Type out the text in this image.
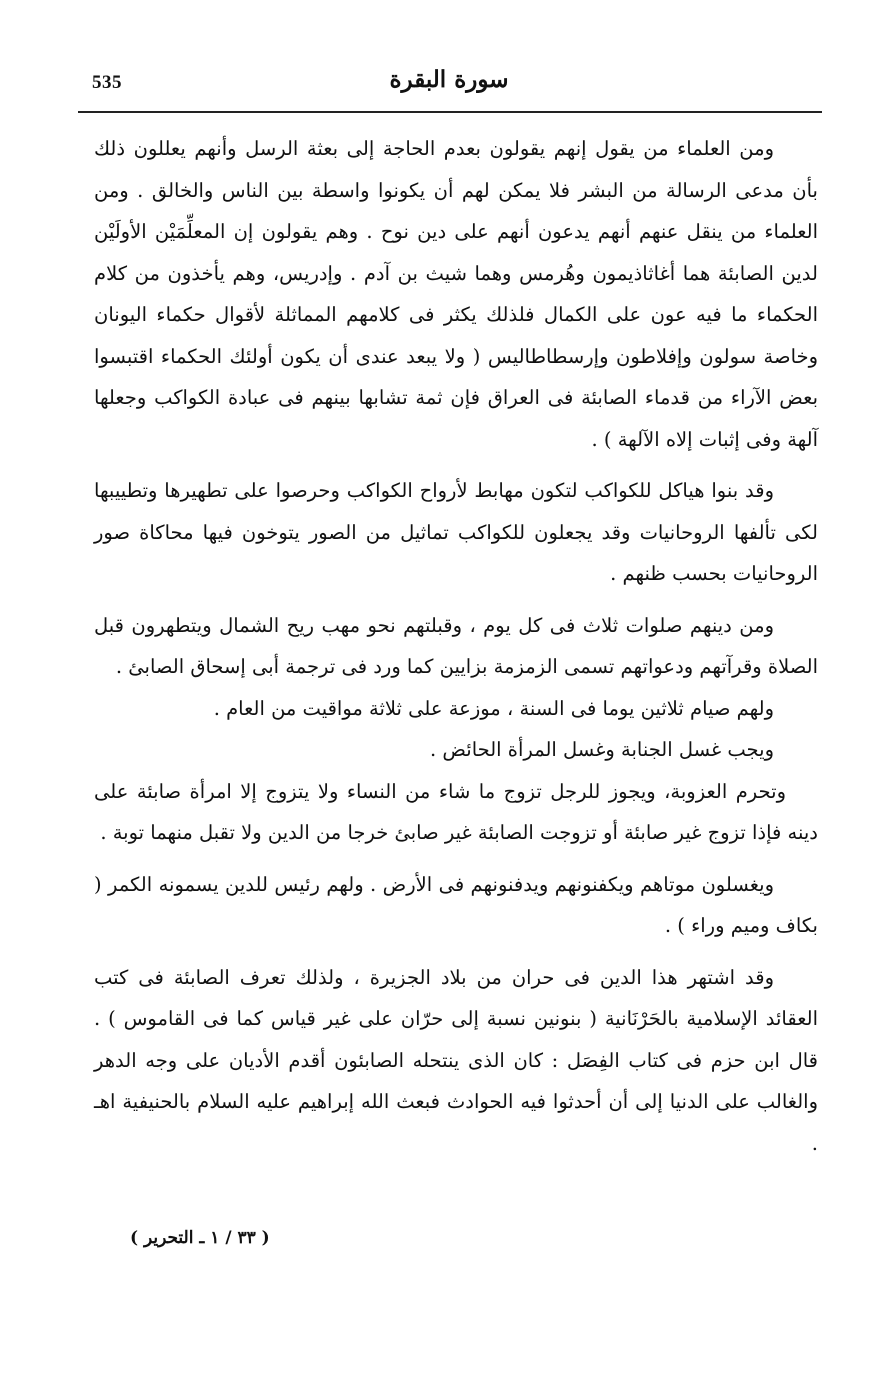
535	سورة البقرة

ومن العلماء من يقول إنهم يقولون بعدم الحاجة إلى بعثة الرسل وأنهم يعللون ذلك بأن مدعى الرسالة من البشر فلا يمكن لهم أن يكونوا واسطة بين الناس والخالق . ومن العلماء من ينقل عنهم أنهم يدعون أنهم على دين نوح . وهم يقولون إن المعلِّمَيْن الأولَيْن لدين الصابئة هما أغاثاذيمون وهُرمس وهما شيث بن آدم . وإدريس، وهم يأخذون من كلام الحكماء ما فيه عون على الكمال فلذلك يكثر فى كلامهم المماثلة لأقوال حكماء اليونان وخاصة سولون وإفلاطون وإرسطاطاليس ( ولا يبعد عندى أن يكون أولئك الحكماء اقتبسوا بعض الآراء من قدماء الصابئة فى العراق فإن ثمة تشابها بينهم فى عبادة الكواكب وجعلها آلهة وفى إثبات إلاه الآلهة ) .

وقد بنوا هياكل للكواكب لتكون مهابط لأرواح الكواكب وحرصوا على تطهيرها وتطييبها لكى تألفها الروحانيات وقد يجعلون للكواكب تماثيل من الصور يتوخون فيها محاكاة صور الروحانيات بحسب ظنهم .

ومن دينهم صلوات ثلاث فى كل يوم ، وقبلتهم نحو مهب ريح الشمال ويتطهرون قبل الصلاة وقرآتهم ودعواتهم تسمى الزمزمة بزايين كما ورد فى ترجمة أبى إسحاق الصابئ .

ولهم صيام ثلاثين يوما فى السنة ، موزعة على ثلاثة مواقيت من العام .

ويجب غسل الجنابة وغسل المرأة الحائض .

وتحرم العزوبة، ويجوز للرجل تزوج ما شاء من النساء ولا يتزوج إلا امرأة صابئة على دينه فإذا تزوج غير صابئة أو تزوجت الصابئة غير صابئ خرجا من الدين ولا تقبل منهما توبة .

ويغسلون موتاهم ويكفنونهم ويدفنونهم فى الأرض . ولهم رئيس للدين يسمونه الكمر ( بكاف وميم وراء ) .

وقد اشتهر هذا الدين فى حران من بلاد الجزيرة ، ولذلك تعرف الصابئة فى كتب العقائد الإسلامية بالحَرْنَانية ( بنونين نسبة إلى حرّان على غير قياس كما فى القاموس ) . قال ابن حزم فى كتاب الفِصَل : كان الذى ينتحله الصابئون أقدم الأديان على وجه الدهر والغالب على الدنيا إلى أن أحدثوا فيه الحوادث فبعث الله إبراهيم عليه السلام بالحنيفية اهـ .

( ٣٣ / ١ ـ التحرير )
